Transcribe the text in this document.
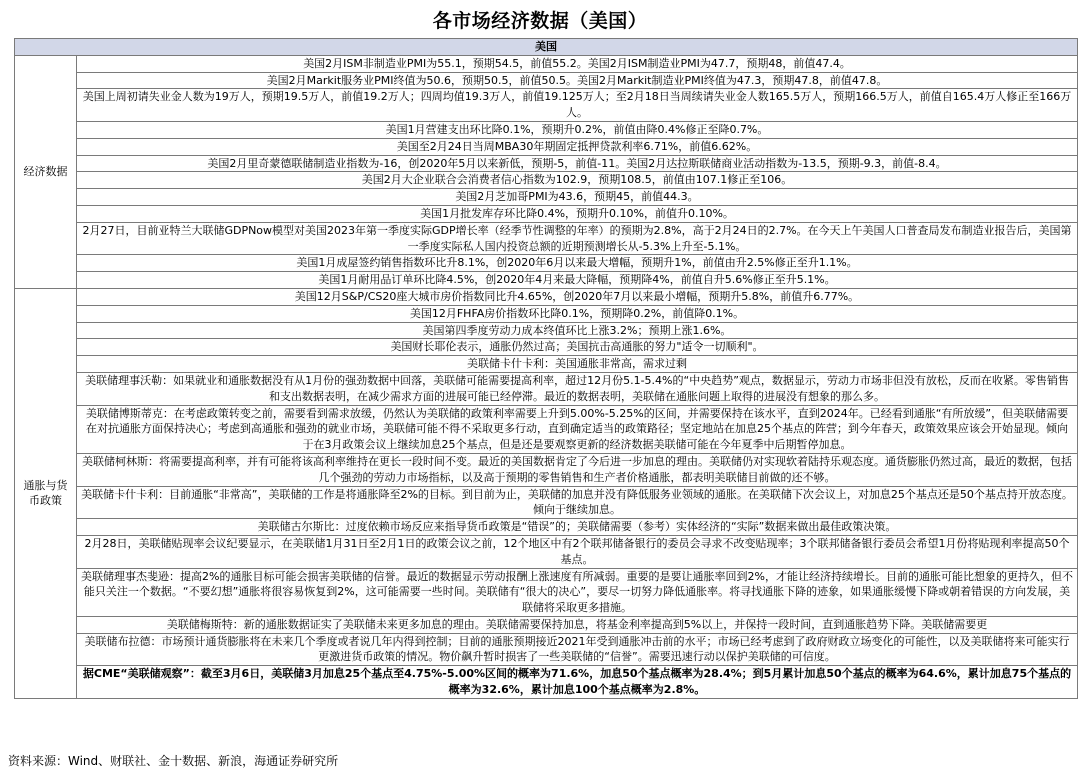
各市场经济数据（美国）
美国	
经济数据	美国2月ISM非制造业PMI为55.1，预期54.5，前值55.2。美国2月ISM制造业PMI为47.7，预期48，前值47.4。
	美国2月Markit服务业PMI终值为50.6，预期50.5，前值50.5。美国2月Markit制造业PMI终值为47.3，预期47.8，前值47.8。
	美国上周初请失业金人数为19万人，预期19.5万人，前值19.2万人；四周均值19.3万人，前值19.125万人；至2月18日当周续请失业金人数165.5万人，预期166.5万人，前值自165.4万人修正至166万人。
	美国1月营建支出环比降0.1%，预期升0.2%，前值由降0.4%修正至降0.7%。
	美国至2月24日当周MBA30年期固定抵押贷款利率6.71%，前值6.62%。
	美国2月里奇蒙德联储制造业指数为-16，创2020年5月以来新低，预期-5，前值-11。美国2月达拉斯联储商业活动指数为-13.5，预期-9.3，前值-8.4。
	美国2月大企业联合会消费者信心指数为102.9，预期108.5，前值由107.1修正至106。
	美国2月芝加哥PMI为43.6，预期45，前值44.3。
	美国1月批发库存环比降0.4%，预期升0.10%，前值升0.10%。
	2月27日，目前亚特兰大联储GDPNow模型对美国2023年第一季度实际GDP增长率（经季节性调整的年率）的预期为2.8%，高于2月24日的2.7%。在今天上午美国人口普查局发布制造业报告后，美国第一季度实际私人国内投资总额的近期预测增长从-5.3%上升至-5.1%。
	美国1月成屋签约销售指数环比升8.1%，创2020年6月以来最大增幅，预期升1%，前值由升2.5%修正至升1.1%。
	美国1月耐用品订单环比降4.5%，创2020年4月来最大降幅，预期降4%，前值自升5.6%修正至升5.1%。
通胀与货币政策	美国12月S&P/CS20座大城市房价指数同比升4.65%，创2020年7月以来最小增幅，预期升5.8%，前值升6.77%。
	美国12月FHFA房价指数环比降0.1%，预期降0.2%，前值降0.1%。
	美国第四季度劳动力成本终值环比上涨3.2%；预期上涨1.6%。
	美国财长耶伦表示，通胀仍然过高；美国抗击高通胀的努力"适令一切顺利"。
	美联储卡什卡利：美国通胀非常高，需求过剩
	美联储理事沃勒：如果就业和通胀数据没有从1月份的强劲数据中回落，美联储可能需要提高利率，超过12月份5.1-5.4%的“中央趋势”观点，数据显示，劳动力市场非但没有放松，反而在收紧。零售销售和支出数据表明，在减少需求方面的进展可能已经停滞。最近的数据表明，美联储在通胀问题上取得的进展没有想象的那么多。
	美联储博斯蒂克：在考虑政策转变之前，需要看到需求放缓，仍然认为美联储的政策利率需要上升到5.00%-5.25%的区间，并需要保持在该水平，直到2024年。已经看到通胀“有所放缓”，但美联储需要在对抗通胀方面保持决心；考虑到高通胀和强劲的就业市场，美联储可能不得不采取更多行动，直到确定适当的政策路径；坚定地站在加息25个基点的阵营；到今年春天，政策效果应该会开始显现。倾向于在3月政策会议上继续加息25个基点，但是还是要观察更新的经济数据美联储可能在今年夏季中后期暂停加息。
	美联储柯林斯：将需要提高利率，并有可能将该高利率维持在更长一段时间不变。最近的美国数据肯定了今后进一步加息的理由。美联储仍对实现软着陆持乐观态度。通货膨胀仍然过高，最近的数据，包括几个强劲的劳动力市场指标，以及高于预期的零售销售和生产者价格通胀，都表明美联储目前做的还不够。
	美联储卡什卡利：目前通胀“非常高”，美联储的工作是将通胀降至2%的目标。到目前为止，美联储的加息并没有降低服务业领域的通胀。在美联储下次会议上，对加息25个基点还是50个基点持开放态度。倾向于继续加息。
	美联储古尔斯比：过度依赖市场反应来指导货币政策是“错误”的；美联储需要（参考）实体经济的“实际”数据来做出最佳政策决策。
	2月28日，美联储贴现率会议纪要显示，在美联储1月31日至2月1日的政策会议之前，12个地区中有2个联邦储备银行的委员会寻求不改变贴现率；3个联邦储备银行委员会希望1月份将贴现利率提高50个基点。
	美联储理事杰斐逊：提高2%的通胀目标可能会损害美联储的信誉。最近的数据显示劳动报酬上涨速度有所减弱。重要的是要让通胀率回到2%，才能让经济持续增长。目前的通胀可能比想象的更持久，但不能只关注一个数据。“不要幻想”通胀将很容易恢复到2%，这可能需要一些时间。美联储有“很大的决心”，要尽一切努力降低通胀率。将寻找通胀下降的迹象，如果通胀缓慢下降或朝着错误的方向发展，美联储将采取更多措施。
	美联储梅斯特：新的通胀数据证实了美联储未来更多加息的理由。美联储需要保持加息，将基金利率提高到5%以上，并保持一段时间，直到通胀趋势下降。美联储需要更
	美联储布拉德：市场预计通货膨胀将在未来几个季度或者说几年内得到控制；目前的通胀预期接近2021年受到通胀冲击前的水平；市场已经考虑到了政府财政立场变化的可能性，以及美联储将来可能实行更激进货币政策的情况。物价飙升暂时损害了一些美联储的“信誉”。需要迅速行动以保护美联储的可信度。
	据CME“美联储观察”：截至3月6日，美联储3月加息25个基点至4.75%-5.00%区间的概率为71.6%，加息50个基点概率为28.4%；到5月累计加息50个基点的概率为64.6%，累计加息75个基点的概率为32.6%，累计加息100个基点概率为2.8%。
资料来源：Wind、财联社、金十数据、新浪，海通证券研究所
